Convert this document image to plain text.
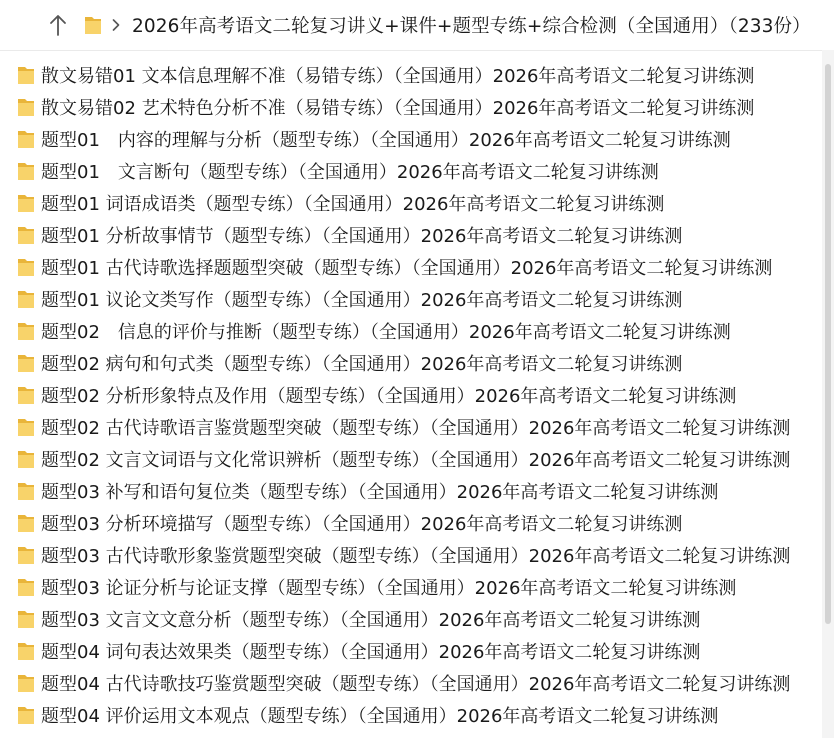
2026年高考语文二轮复习讲义+课件+题型专练+综合检测（全国通用）（233份）
散文易错01 文本信息理解不准（易错专练）（全国通用）2026年高考语文二轮复习讲练测
散文易错02 艺术特色分析不准（易错专练）（全国通用）2026年高考语文二轮复习讲练测
题型01　内容的理解与分析（题型专练）（全国通用）2026年高考语文二轮复习讲练测
题型01　文言断句（题型专练）（全国通用）2026年高考语文二轮复习讲练测
题型01 词语成语类（题型专练）（全国通用）2026年高考语文二轮复习讲练测
题型01 分析故事情节（题型专练）（全国通用）2026年高考语文二轮复习讲练测
题型01 古代诗歌选择题题型突破（题型专练）（全国通用）2026年高考语文二轮复习讲练测
题型01 议论文类写作（题型专练）（全国通用）2026年高考语文二轮复习讲练测
题型02　信息的评价与推断（题型专练）（全国通用）2026年高考语文二轮复习讲练测
题型02 病句和句式类（题型专练）（全国通用）2026年高考语文二轮复习讲练测
题型02 分析形象特点及作用（题型专练）（全国通用）2026年高考语文二轮复习讲练测
题型02 古代诗歌语言鉴赏题型突破（题型专练）（全国通用）2026年高考语文二轮复习讲练测
题型02 文言文词语与文化常识辨析（题型专练）（全国通用）2026年高考语文二轮复习讲练测
题型03 补写和语句复位类（题型专练）（全国通用）2026年高考语文二轮复习讲练测
题型03 分析环境描写（题型专练）（全国通用）2026年高考语文二轮复习讲练测
题型03 古代诗歌形象鉴赏题型突破（题型专练）（全国通用）2026年高考语文二轮复习讲练测
题型03 论证分析与论证支撑（题型专练）（全国通用）2026年高考语文二轮复习讲练测
题型03 文言文文意分析（题型专练）（全国通用）2026年高考语文二轮复习讲练测
题型04 词句表达效果类（题型专练）（全国通用）2026年高考语文二轮复习讲练测
题型04 古代诗歌技巧鉴赏题型突破（题型专练）（全国通用）2026年高考语文二轮复习讲练测
题型04 评价运用文本观点（题型专练）（全国通用）2026年高考语文二轮复习讲练测
